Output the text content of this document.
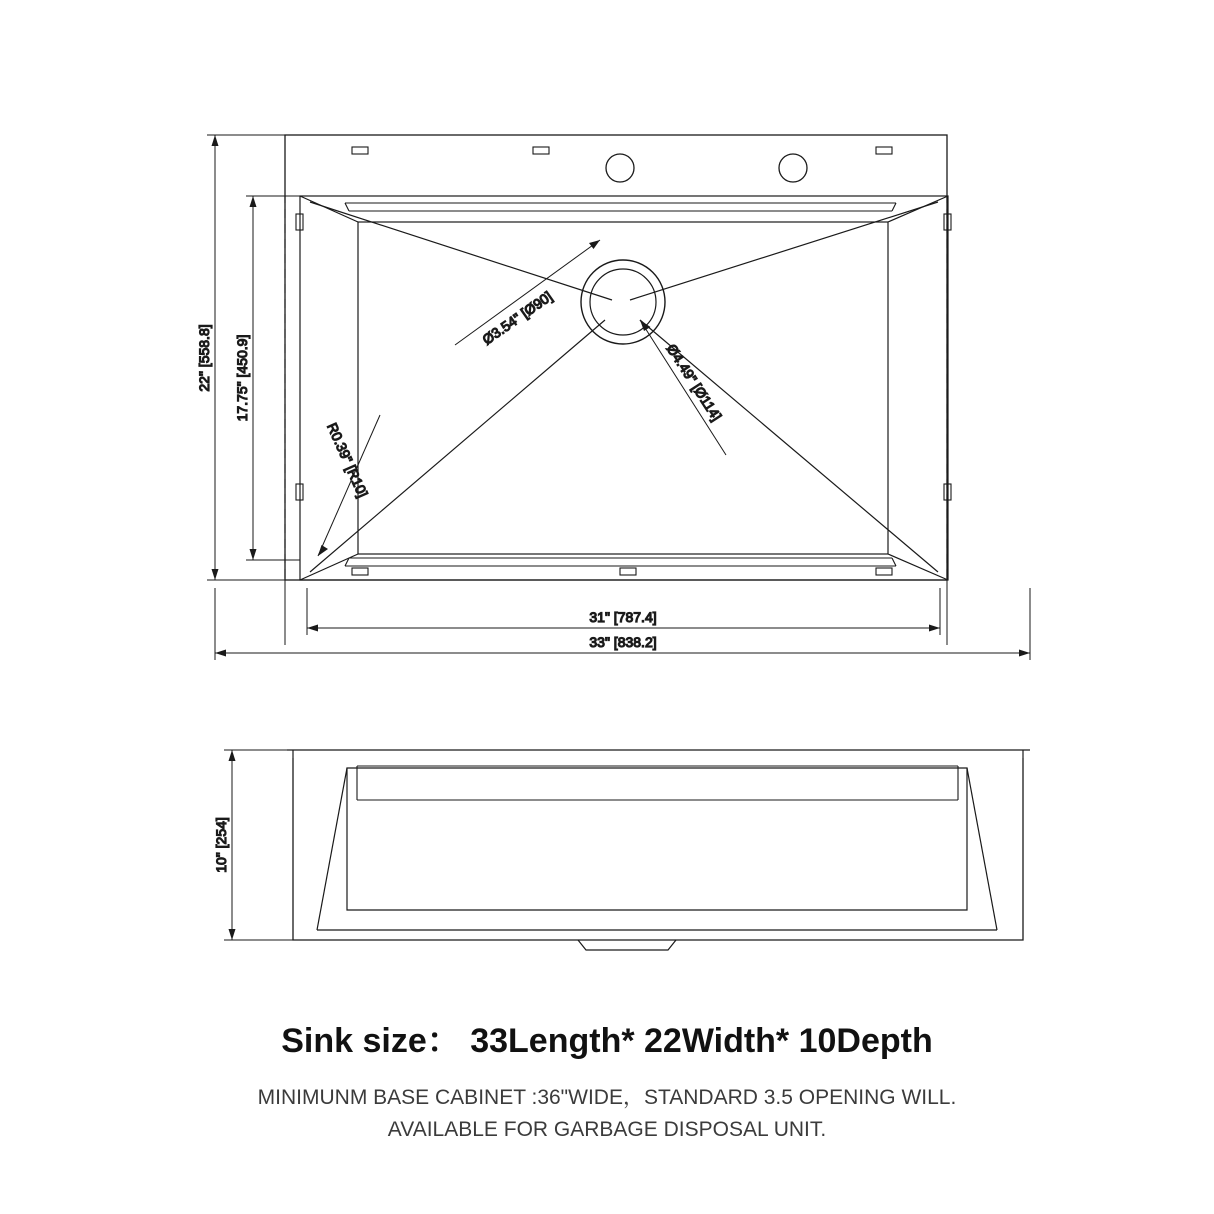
22" [558.8] 17.75" [450.9]
31" [787.4]
33" [838.2]
Ø3.54" [Ø90]
Ø4.49" [Ø114]
R0.39" [R10]
10" [254]

Sink size： 33Length* 22Width* 10Depth

MINIMUNM BASE CABINET :36"WIDE，STANDARD 3.5 OPENING WILL.
AVAILABLE FOR GARBAGE DISPOSAL UNIT.
